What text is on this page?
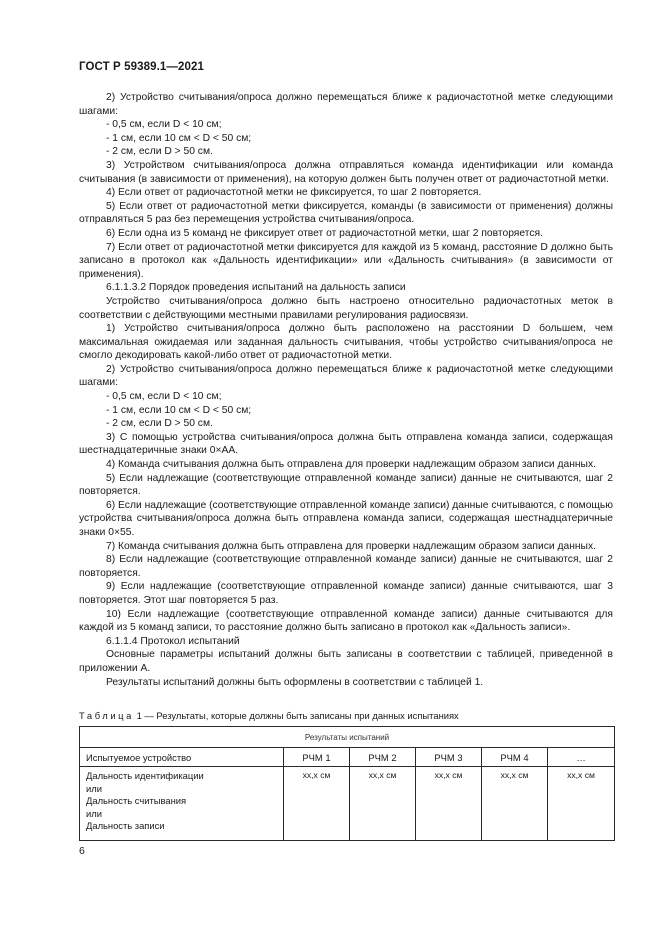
ГОСТ Р 59389.1—2021

2) Устройство считывания/опроса должно перемещаться ближе к радиочастотной метке следующими шагами:

- 0,5 см, если D < 10 см;

- 1 см, если 10 см < D < 50 см;

- 2 см, если D > 50 см.

3) Устройством считывания/опроса должна отправляться команда идентификации или команда считывания (в зависимости от применения), на которую должен быть получен ответ от радиочастотной метки.

4) Если ответ от радиочастотной метки не фиксируется, то шаг 2 повторяется.

5) Если ответ от радиочастотной метки фиксируется, команды (в зависимости от применения) должны отправляться 5 раз без перемещения устройства считывания/опроса.

6) Если одна из 5 команд не фиксирует ответ от радиочастотной метки, шаг 2 повторяется.

7) Если ответ от радиочастотной метки фиксируется для каждой из 5 команд, расстояние D должно быть записано в протокол как «Дальность идентификации» или «Дальность считывания» (в зависимости от применения).

6.1.1.3.2 Порядок проведения испытаний на дальность записи

Устройство считывания/опроса должно быть настроено относительно радиочастотных меток в соответствии с действующими местными правилами регулирования радиосвязи.

1) Устройство считывания/опроса должно быть расположено на расстоянии D большем, чем максимальная ожидаемая или заданная дальность считывания, чтобы устройство считывания/опроса не смогло декодировать какой-либо ответ от радиочастотной метки.

2) Устройство считывания/опроса должно перемещаться ближе к радиочастотной метке следующими шагами:

- 0,5 см, если D < 10 см;

- 1 см, если 10 см < D < 50 см;

- 2 см, если D > 50 см.

3) С помощью устройства считывания/опроса должна быть отправлена команда записи, содержащая шестнадцатеричные знаки 0×AA.

4) Команда считывания должна быть отправлена для проверки надлежащим образом записи данных.

5) Если надлежащие (соответствующие отправленной команде записи) данные не считываются, шаг 2 повторяется.

6) Если надлежащие (соответствующие отправленной команде записи) данные считываются, с помощью устройства считывания/опроса должна быть отправлена команда записи, содержащая шестнадцатеричные знаки 0×55.

7) Команда считывания должна быть отправлена для проверки надлежащим образом записи данных.

8) Если надлежащие (соответствующие отправленной команде записи) данные не считываются, шаг 2 повторяется.

9) Если надлежащие (соответствующие отправленной команде записи) данные считываются, шаг 3 повторяется. Этот шаг повторяется 5 раз.

10) Если надлежащие (соответствующие отправленной команде записи) данные считываются для каждой из 5 команд записи, то расстояние должно быть записано в протокол как «Дальность записи».

6.1.1.4 Протокол испытаний

Основные параметры испытаний должны быть записаны в соответствии с таблицей, приведенной в приложении А.

Результаты испытаний должны быть оформлены в соответствии с таблицей 1.

Таблица 1 — Результаты, которые должны быть записаны при данных испытаниях
Результаты испытаний					
Испытуемое устройство	РЧМ 1	РЧМ 2	РЧМ 3	РЧМ 4	…

Дальность идентификации
или
Дальность считывания
или
Дальность записи	xx,x см	xx,x см	xx,x см	xx,x см	xx,x см
6
